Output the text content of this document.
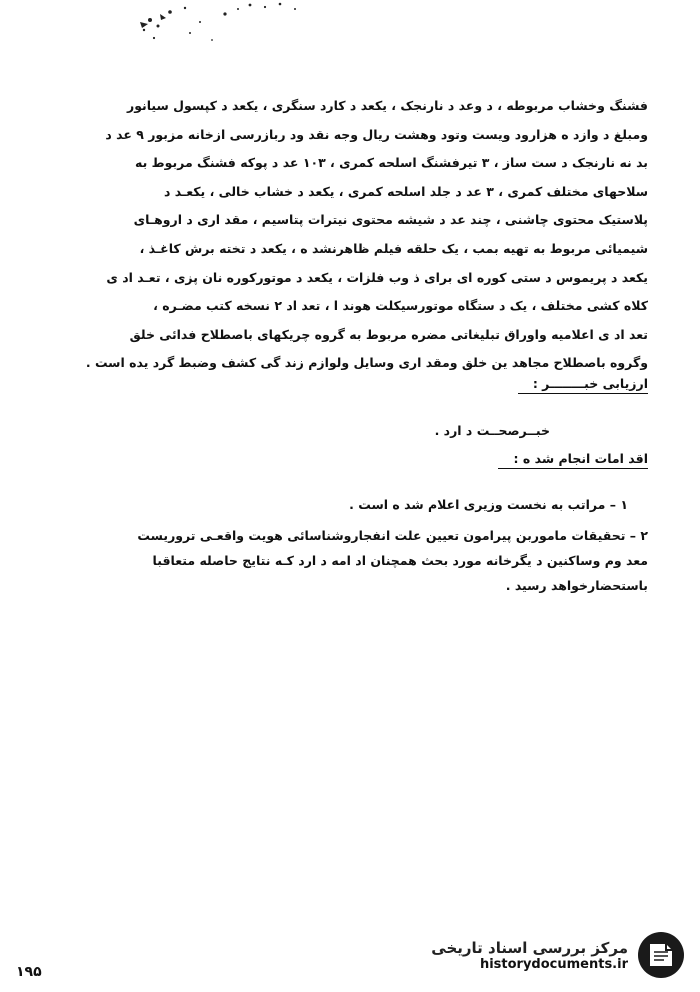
فشنگ وخشاب مربوطه ، د وعد د نارنجک ، یکعد د کارد سنگری ، یکعد د کپسول سیانور
ومبلغ د وازد ه هزارود ویست وتود وهشت ریال وجه نقد ود ربازرسی ازخانه مزبور ۹ عد د
بد نه نارنجک د ست ساز ، ۳ تیرفشنگ اسلحه کمری ، ۱۰۳ عد د پوکه فشنگ مربوط به
سلاحهای مختلف کمری ، ۳ عد د جلد اسلحه کمری ، یکعد د خشاب خالی ، یکعـد د
پلاستیک محتوی چاشنی ، چند عد د شیشه محتوی نیترات پتاسیم ، مقد اری د اروهـای
شیمیائی مربوط به تهیه بمب ، یک حلقه فیلم ظاهرنشد ه ، یکعد د تخته برش کاغـذ ،
یکعد د پریموس د ستی کوره ای برای ذ وب فلزات ، یکعد د موتورکوره نان پزی ، تعـد اد ی
کلاه کشی مختلف ، یک د ستگاه موتورسیکلت هوند ا ، تعد اد ۲ نسخه کتب مضـره ،
تعد اد ی اعلامیه واوراق تبلیغاتی مضره مربوط به گروه چریکهای باصطلاح فدائی خلق
وگروه باصطلاح مجاهد ین خلق ومقد اری وسایل ولوازم زند گی کشف وضبط گرد یده است .
ارزیابی خبــــــــر :
خبــرصحــت د ارد .
اقد امات انجام شد ه :
۱ – مراتب به نخست وزیری اعلام شد ه است .
۲ – تحقیقات ماموربن پیرامون تعیین علت انفجاروشناسائی هویت واقعـی تروریست معد وم وساکنین د یگرخانه مورد بحث همچنان اد امه د ارد کـه نتایج حاصله متعاقبا باستحضارخواهد رسید .
۱۹۵
مرکز بررسی اسناد تاریخی
historydocuments.ir
